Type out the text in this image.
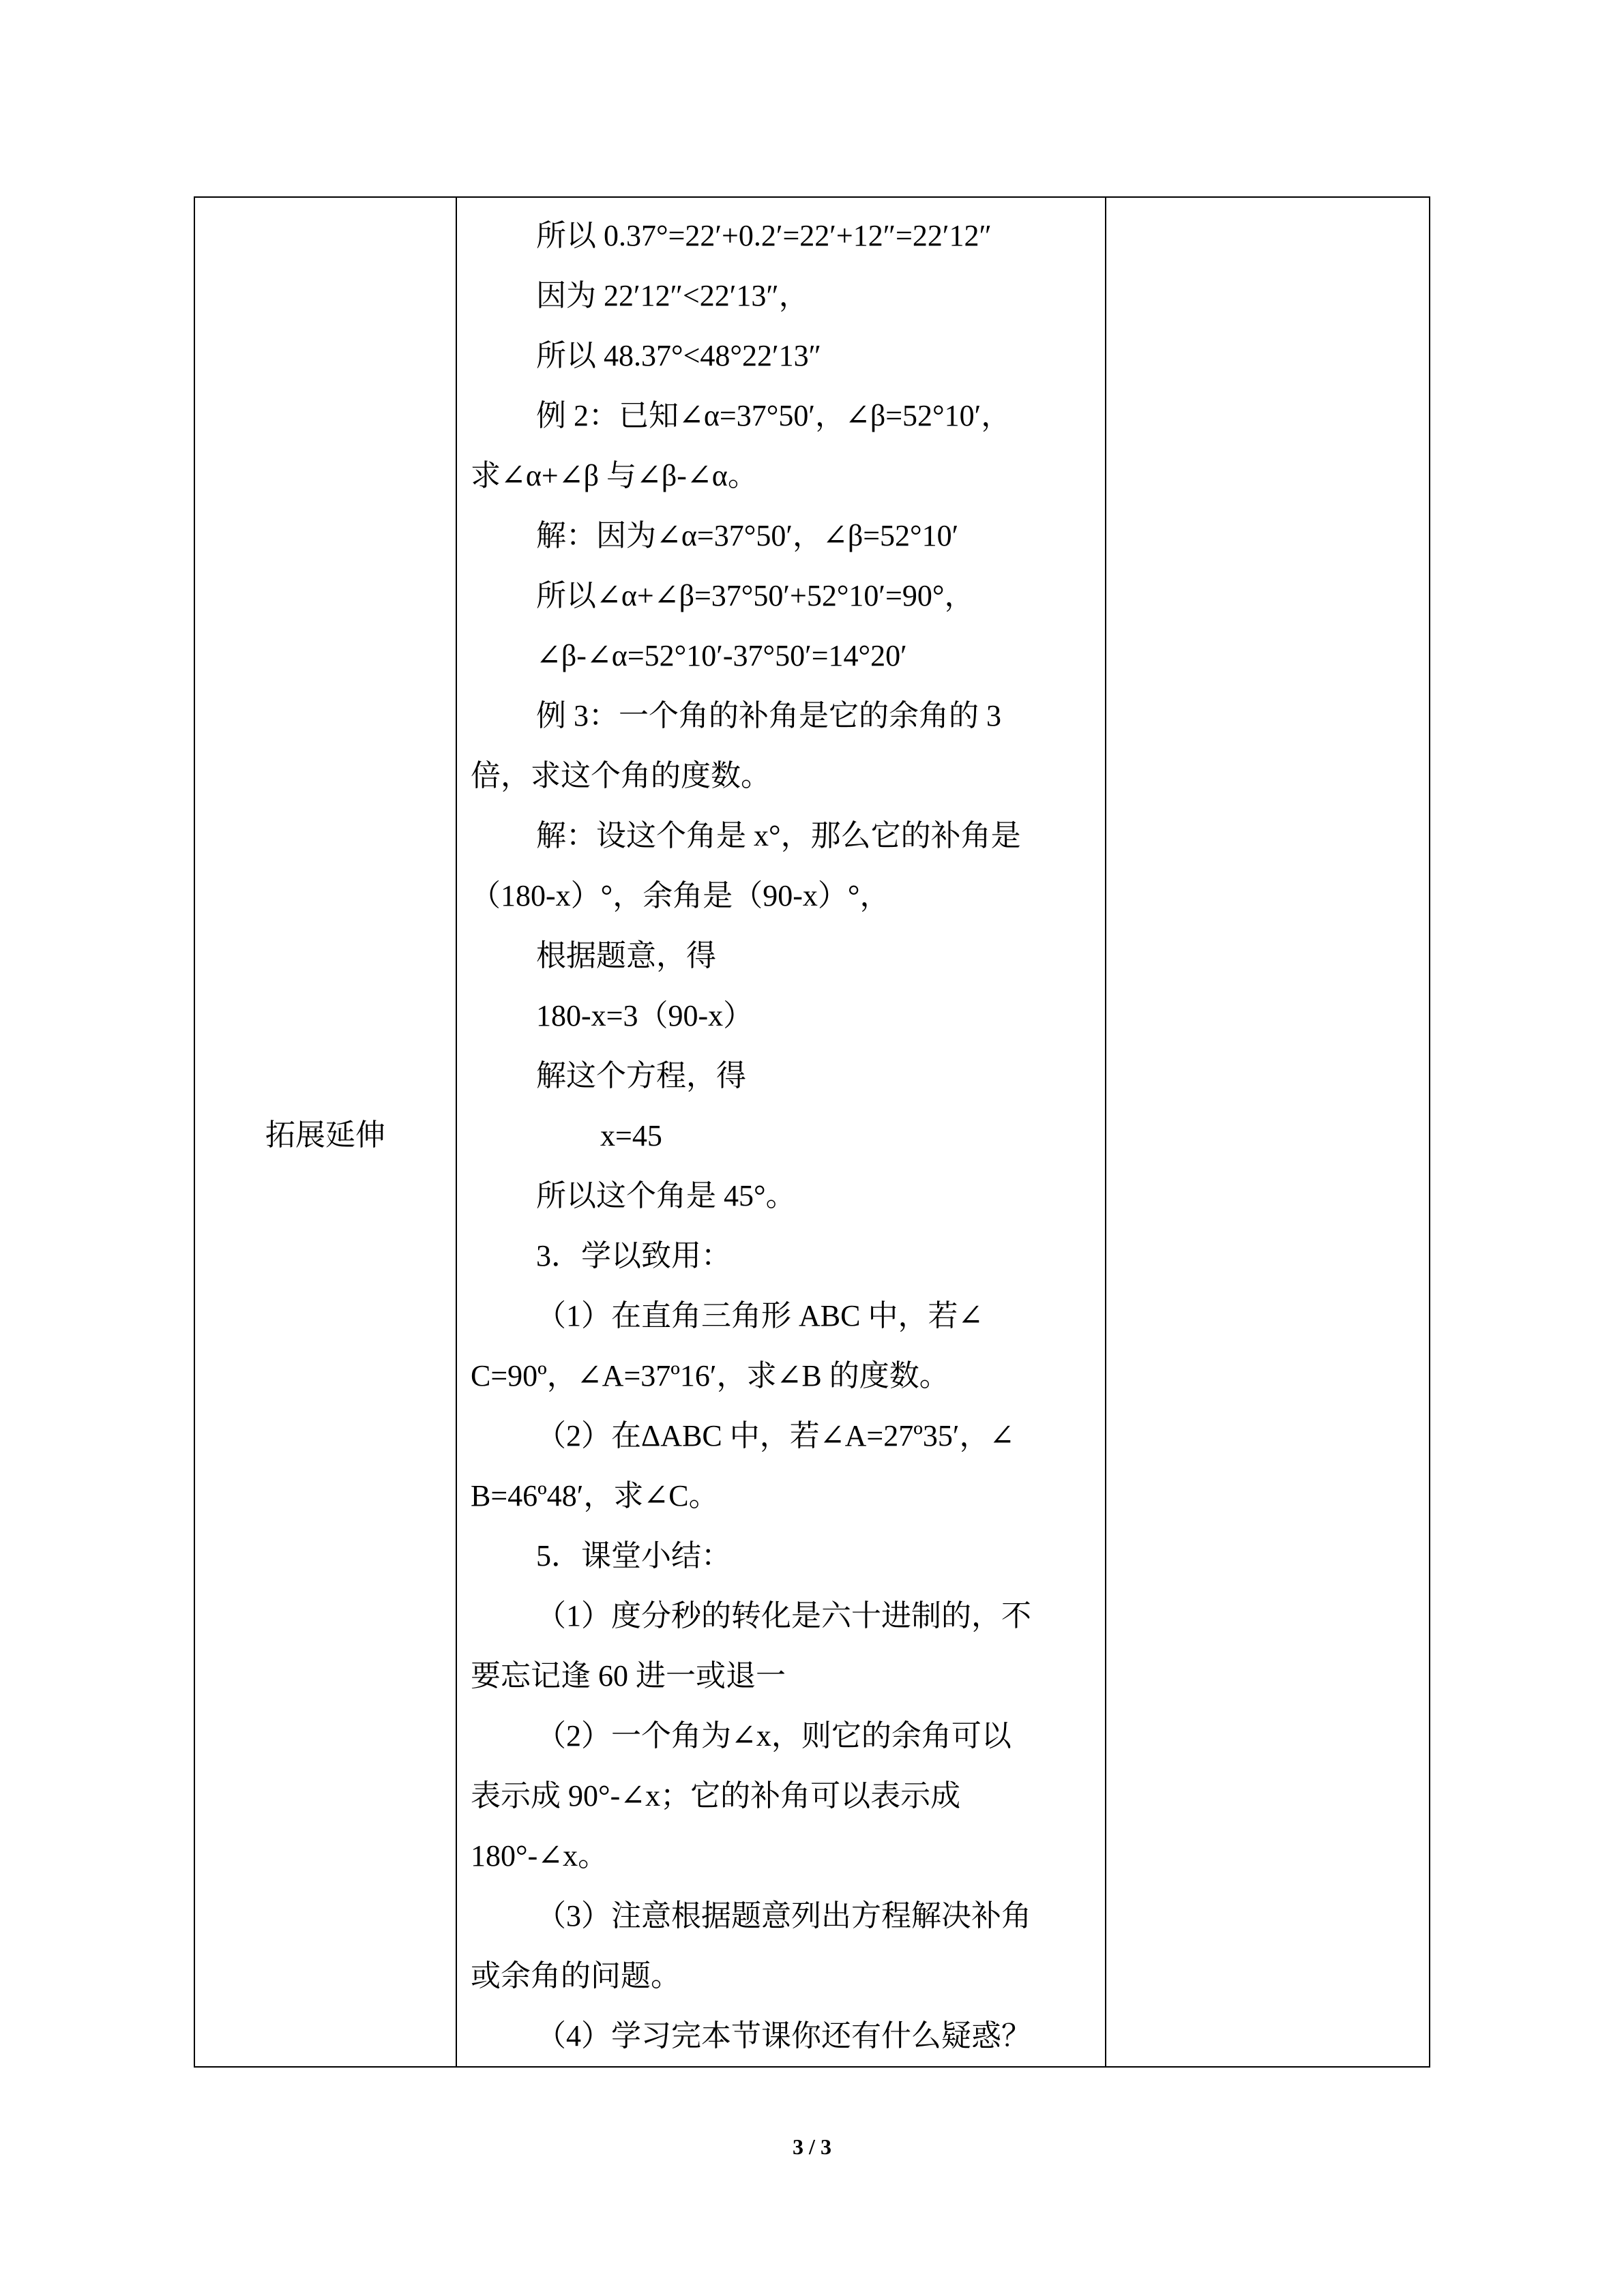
拓展延伸	

所以 0.37°=22′+0.2′=22′+12″=22′12″

因为 22′12″<22′13″，

所以 48.37°<48°22′13″

例 2：已知∠α=37°50′，∠β=52°10′，

求∠α+∠β 与∠β-∠α。

解：因为∠α=37°50′，∠β=52°10′

所以∠α+∠β=37°50′+52°10′=90°，

∠β-∠α=52°10′-37°50′=14°20′

例 3：一个角的补角是它的余角的 3

倍，求这个角的度数。

解：设这个角是 x°，那么它的补角是

（180-x）°，余角是（90-x）°，

根据题意，得

180-x=3（90-x）

解这个方程，得

x=45

所以这个角是 45°。

3．学以致用：

（1）在直角三角形 ABC 中，若∠

C=90º，∠A=37º16′，求∠B 的度数。

（2）在ΔABC 中，若∠A=27º35′，∠

B=46º48′，求∠C。

5．课堂小结：

（1）度分秒的转化是六十进制的，不

要忘记逢 60 进一或退一

（2）一个角为∠x，则它的余角可以

表示成 90°-∠x；它的补角可以表示成

180°-∠x。

（3）注意根据题意列出方程解决补角

或余角的问题。

（4）学习完本节课你还有什么疑惑？

3 / 3
